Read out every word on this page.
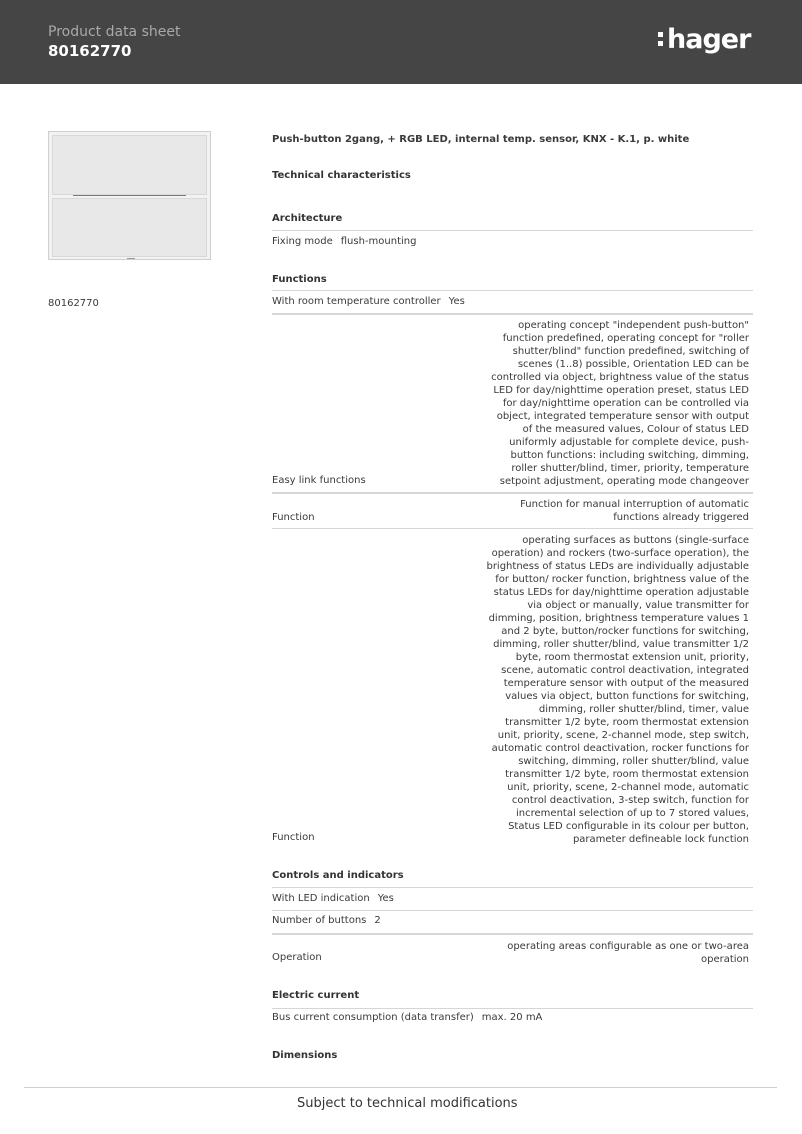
Product data sheet
80162770	hager
80162770
Push-button 2gang, + RGB LED, internal temp. sensor, KNX - K.1, p. white
Technical characteristics
Architecture
Fixing mode flush-mounting
Functions
With room temperature controller Yes
operating concept "independent push-button" function predefined, operating concept for "roller shutter/blind" function predefined, switching of scenes (1..8) possible, Orientation LED can be controlled via object, brightness value of the status LED for day/nighttime operation preset, status LED for day/nighttime operation can be controlled via object, integrated temperature sensor with output of the measured values, Colour of status LED uniformly adjustable for complete device, push-button functions: including switching, dimming, roller shutter/blind, timer, priority, temperature setpoint adjustment, operating mode changeover
Easy link functions
Function for manual interruption of automatic functions already triggered
Function
operating surfaces as buttons (single-surface operation) and rockers (two-surface operation), the brightness of status LEDs are individually adjustable for button/ rocker function, brightness value of the status LEDs for day/nighttime operation adjustable via object or manually, value transmitter for dimming, position, brightness temperature values 1 and 2 byte, button/rocker functions for switching, dimming, roller shutter/blind, value transmitter 1/2 byte, room thermostat extension unit, priority, scene, automatic control deactivation, integrated temperature sensor with output of the measured values via object, button functions for switching, dimming, roller shutter/blind, timer, value transmitter 1/2 byte, room thermostat extension unit, priority, scene, 2-channel mode, step switch, automatic control deactivation, rocker functions for switching, dimming, roller shutter/blind, value transmitter 1/2 byte, room thermostat extension unit, priority, scene, 2-channel mode, automatic control deactivation, 3-step switch, function for incremental selection of up to 7 stored values, Status LED configurable in its colour per button, parameter defineable lock function
Function
Controls and indicators
With LED indication Yes
Number of buttons 2
operating areas configurable as one or two-area operation
Operation
Electric current
Bus current consumption (data transfer) max. 20 mA
Dimensions
Subject to technical modifications
